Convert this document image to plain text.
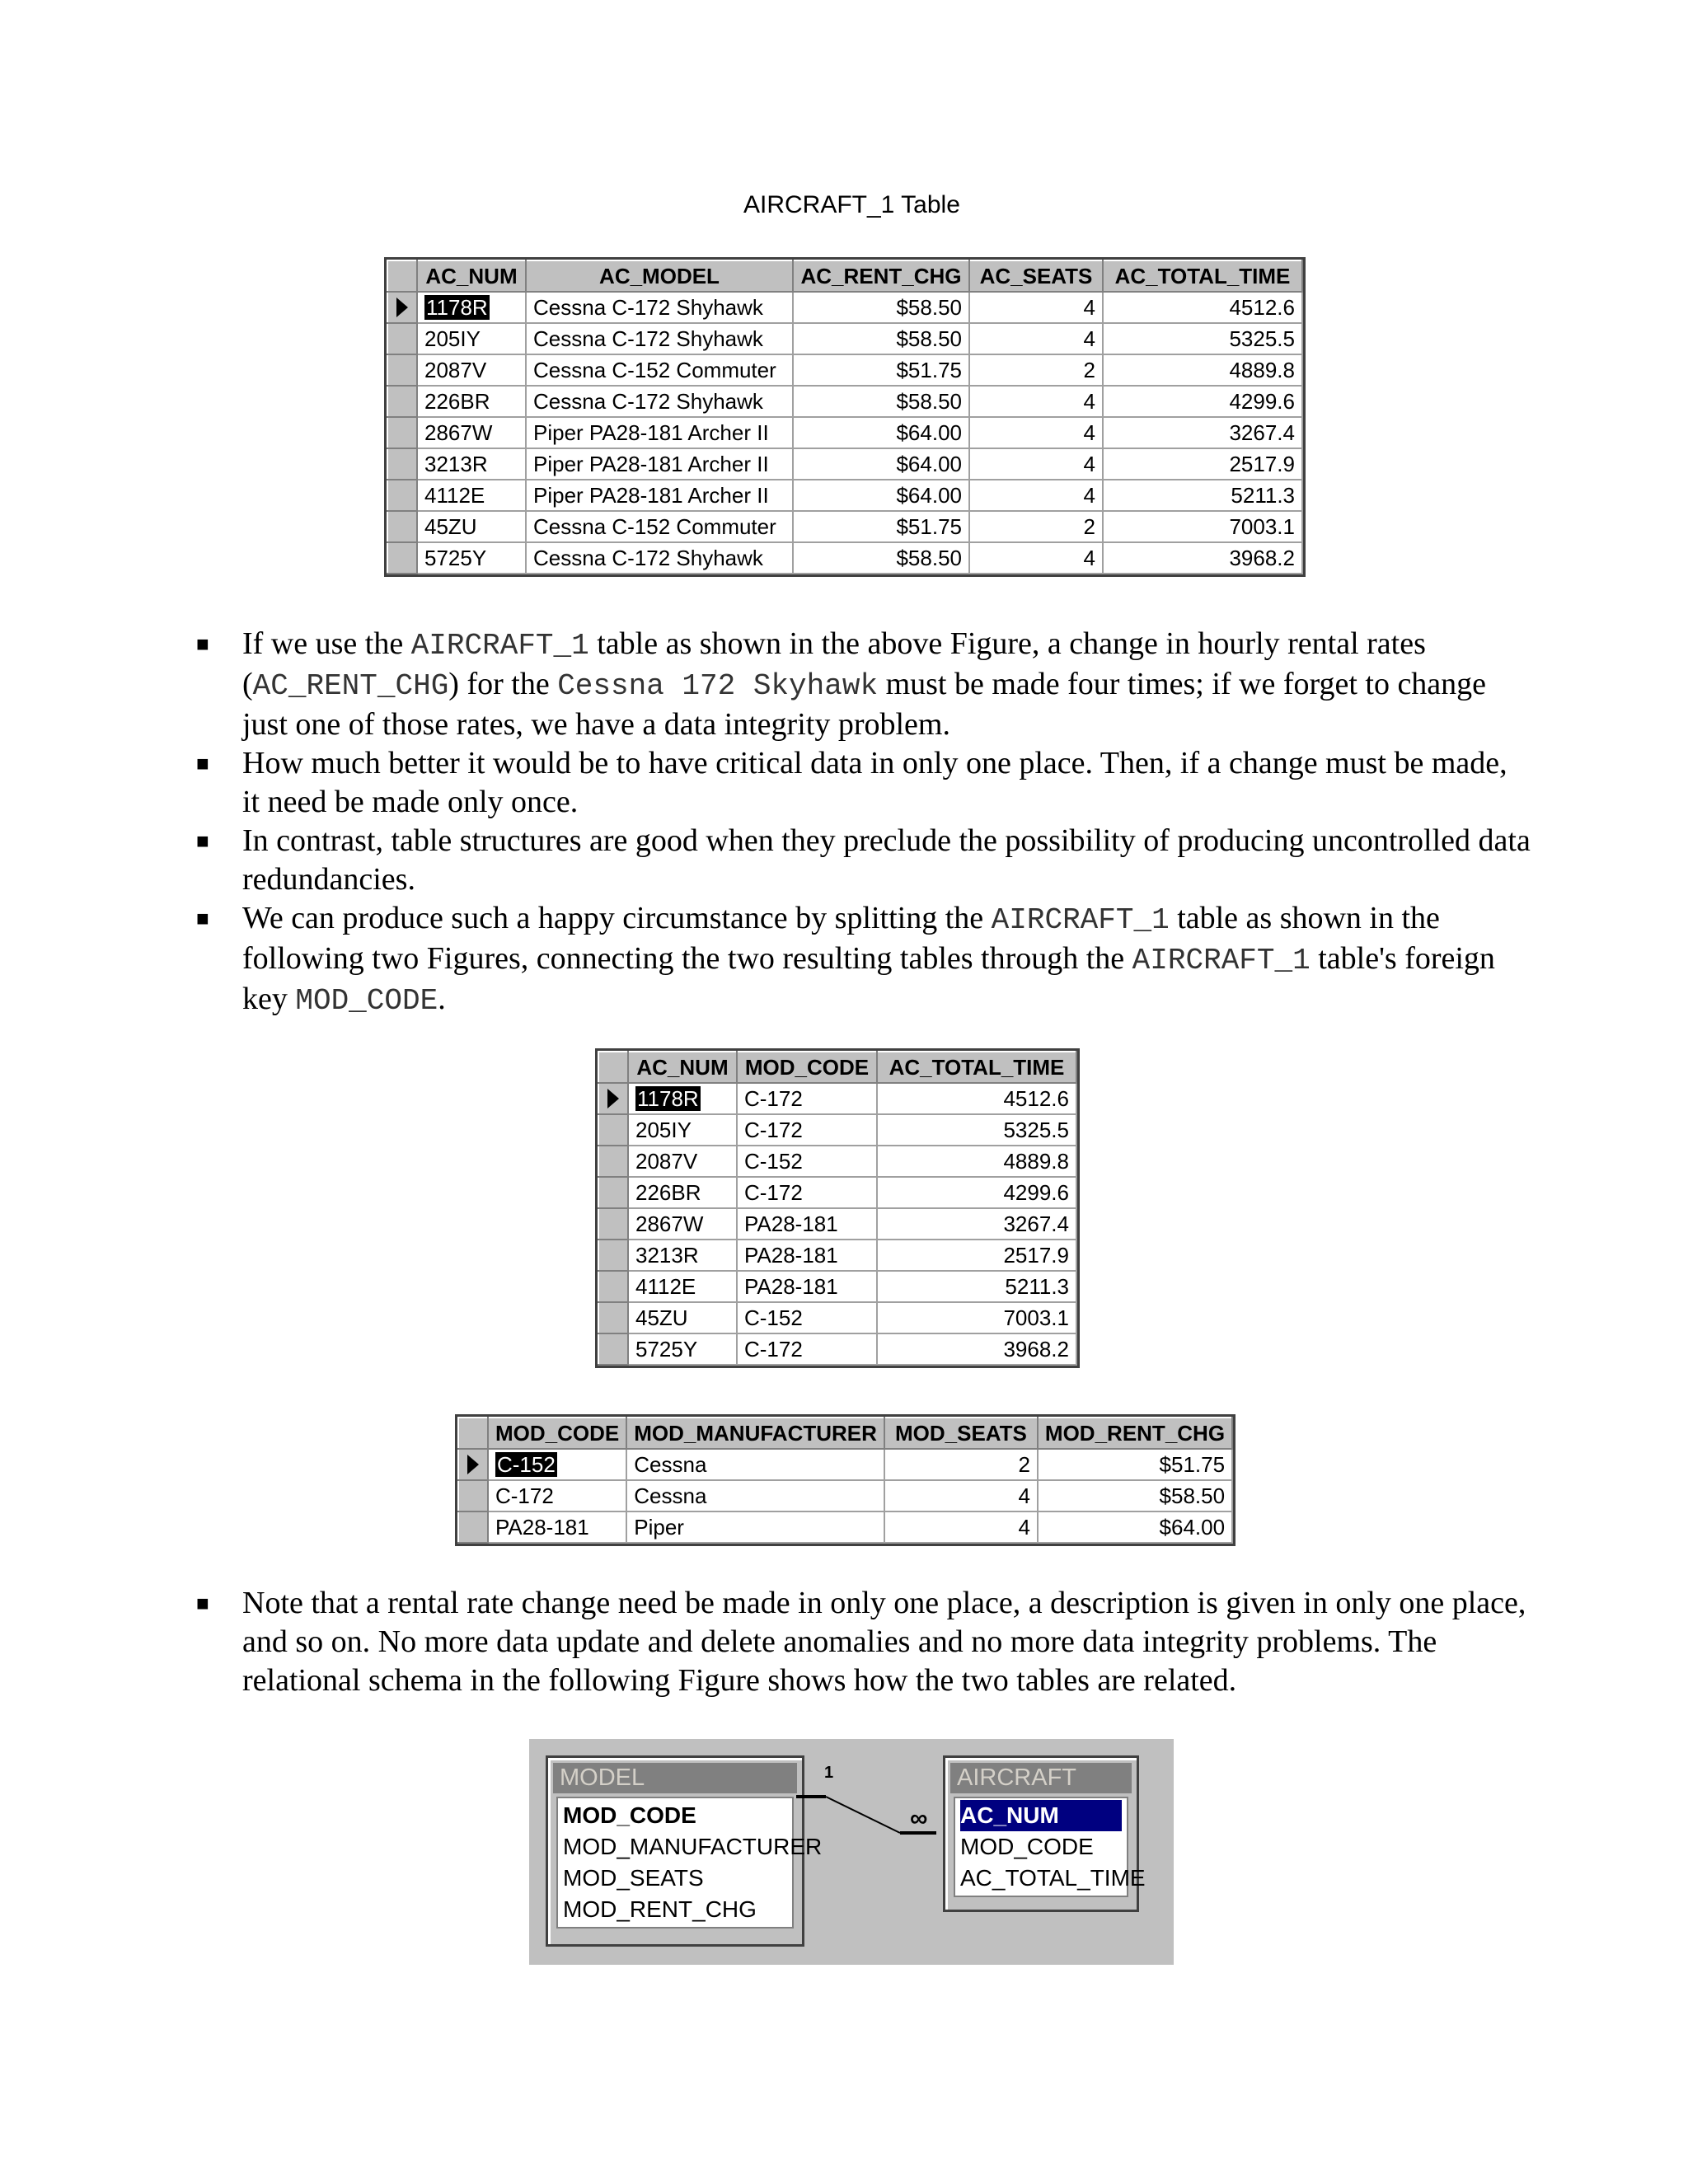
AIRCRAFT_1 Table
	AC_NUM	AC_MODEL	AC_RENT_CHG	AC_SEATS	AC_TOTAL_TIME

	1178R	Cessna C-172 Shyhawk	$58.50	4	4512.6
	205IY	Cessna C-172 Shyhawk	$58.50	4	5325.5
	2087V	Cessna C-152 Commuter	$51.75	2	4889.8
	226BR	Cessna C-172 Shyhawk	$58.50	4	4299.6
	2867W	Piper PA28-181 Archer II	$64.00	4	3267.4
	3213R	Piper PA28-181 Archer II	$64.00	4	2517.9
	4112E	Piper PA28-181 Archer II	$64.00	4	5211.3
	45ZU	Cessna C-152 Commuter	$51.75	2	7003.1
	5725Y	Cessna C-172 Shyhawk	$58.50	4	3968.2
■ If we use the AIRCRAFT_1 table as shown in the above Figure, a change in hourly rental rates (AC_RENT_CHG) for the Cessna 172 Skyhawk must be made four times; if we forget to change just one of those rates, we have a data integrity problem.
■ How much better it would be to have critical data in only one place. Then, if a change must be made, it need be made only once.
■ In contrast, table structures are good when they preclude the possibility of producing uncontrolled data redundancies.
■ We can produce such a happy circumstance by splitting the AIRCRAFT_1 table as shown in the following two Figures, connecting the two resulting tables through the AIRCRAFT_1 table's foreign key MOD_CODE.
	AC_NUM	MOD_CODE	AC_TOTAL_TIME

	1178R	C-172	4512.6
	205IY	C-172	5325.5
	2087V	C-152	4889.8
	226BR	C-172	4299.6
	2867W	PA28-181	3267.4
	3213R	PA28-181	2517.9
	4112E	PA28-181	5211.3
	45ZU	C-152	7003.1
	5725Y	C-172	3968.2
	MOD_CODE	MOD_MANUFACTURER	MOD_SEATS	MOD_RENT_CHG

	C-152	Cessna	2	$51.75
	C-172	Cessna	4	$58.50
	PA28-181	Piper	4	$64.00
■ Note that a rental rate change need be made in only one place, a description is given in only one place, and so on. No more data update and delete anomalies and no more data integrity problems. The relational schema in the following Figure shows how the two tables are related.
MODEL
MOD_CODE
MOD_MANUFACTURER
MOD_SEATS
MOD_RENT_CHG
1
∞
AIRCRAFT
AC_NUM
MOD_CODE
AC_TOTAL_TIME
